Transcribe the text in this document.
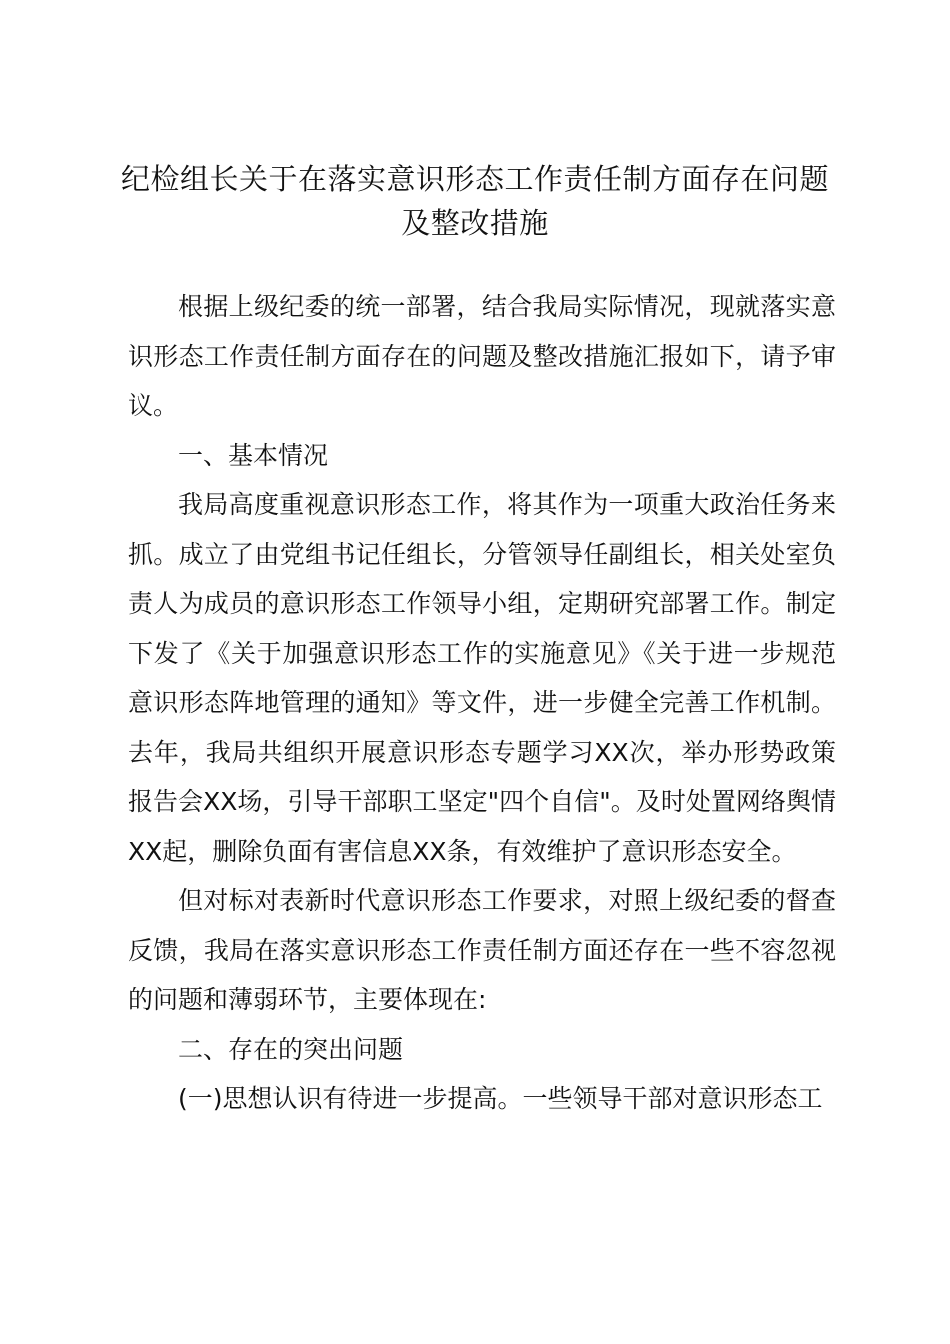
纪检组长关于在落实意识形态工作责任制方面存在问题
及整改措施

根据上级纪委的统一部署，结合我局实际情况，现就落实意识形态工作责任制方面存在的问题及整改措施汇报如下，请予审议。

一、基本情况

我局高度重视意识形态工作，将其作为一项重大政治任务来抓。成立了由党组书记任组长，分管领导任副组长，相关处室负责人为成员的意识形态工作领导小组，定期研究部署工作。制定下发了《关于加强意识形态工作的实施意见》《关于进一步规范意识形态阵地管理的通知》等文件，进一步健全完善工作机制。去年，我局共组织开展意识形态专题学习XX次，举办形势政策报告会XX场，引导干部职工坚定"四个自信"。及时处置网络舆情XX起，删除负面有害信息XX条，有效维护了意识形态安全。

但对标对表新时代意识形态工作要求，对照上级纪委的督查反馈，我局在落实意识形态工作责任制方面还存在一些不容忽视的问题和薄弱环节，主要体现在:

二、存在的突出问题

(一)思想认识有待进一步提高。一些领导干部对意识形态工
